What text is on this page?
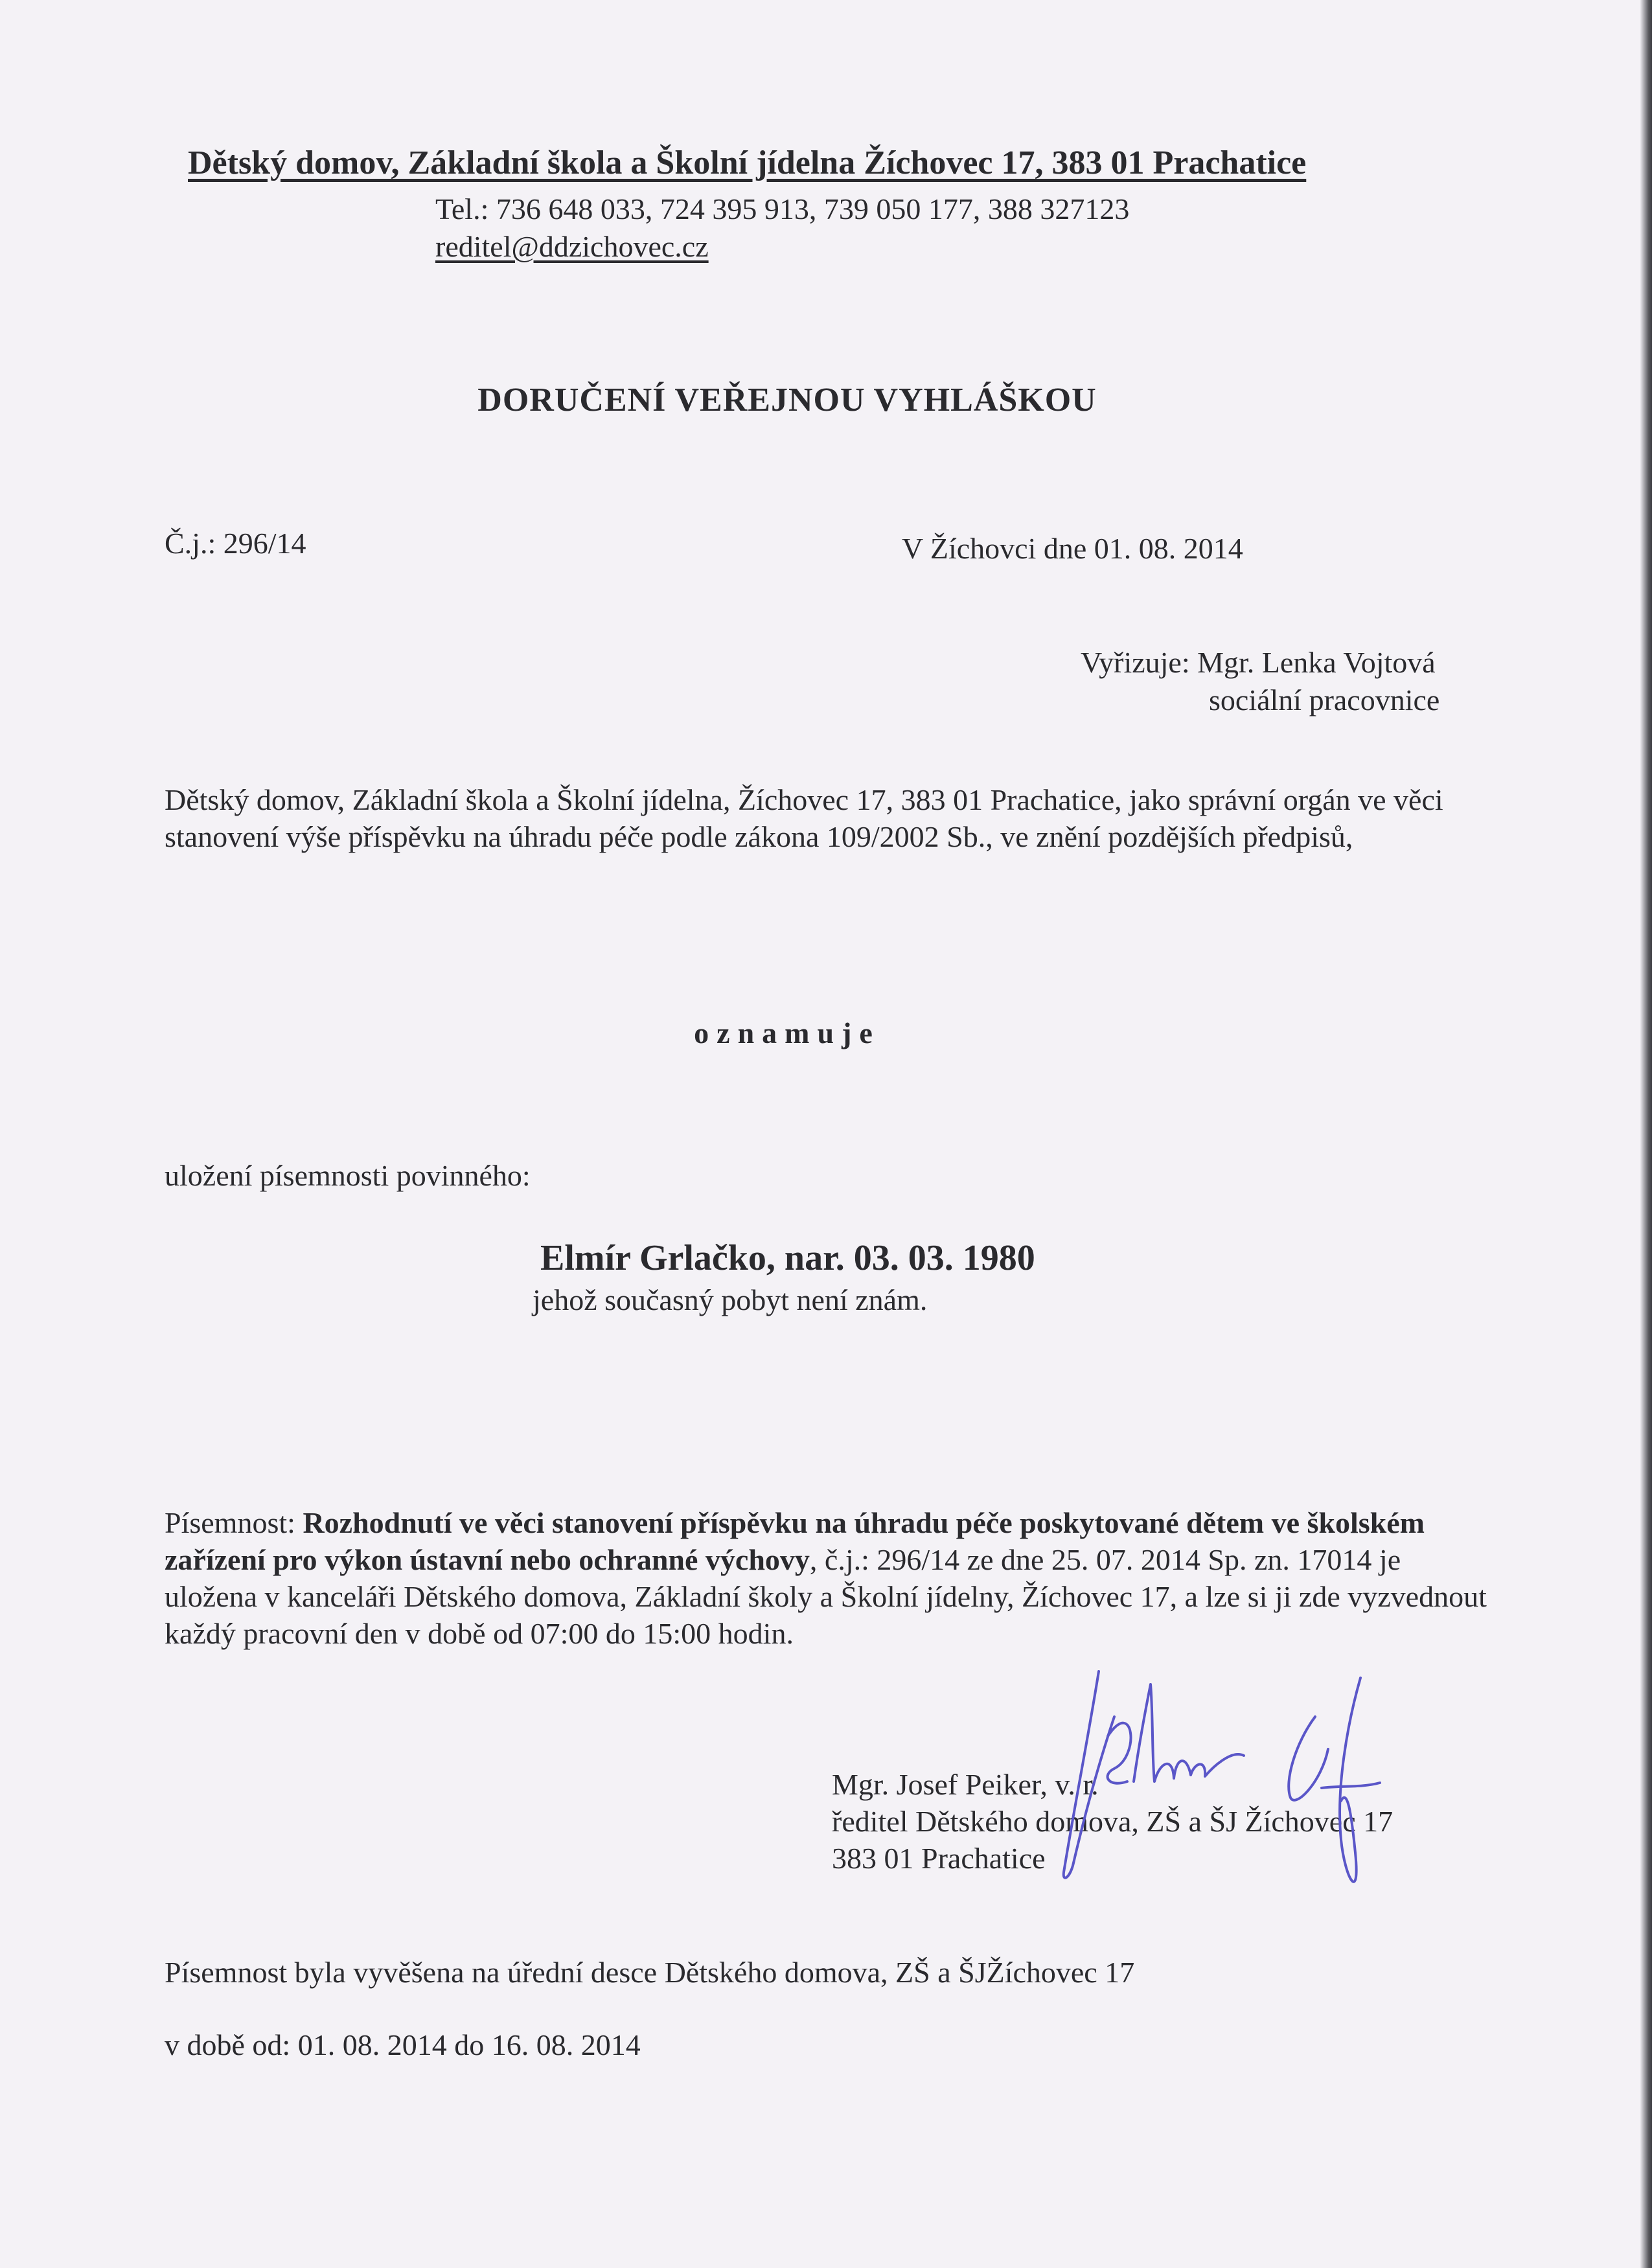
Dětský domov, Základní škola a Školní jídelna Žíchovec 17, 383 01 Prachatice
Tel.: 736 648 033, 724 395 913, 739 050 177, 388 327123
reditel@ddzichovec.cz
DORUČENÍ VEŘEJNOU VYHLÁŠKOU
Č.j.: 296/14	V Žíchovci dne 01. 08. 2014
Vyřizuje: Mgr. Lenka Vojtová
sociální pracovnice
Dětský domov, Základní škola a Školní jídelna, Žíchovec 17, 383 01 Prachatice, jako správní orgán ve věci stanovení výše příspěvku na úhradu péče podle zákona 109/2002 Sb., ve znění pozdějších předpisů,
oznamuje
uložení písemnosti povinného:
Elmír Grlačko, nar. 03. 03. 1980
jehož současný pobyt není znám.
Písemnost: Rozhodnutí ve věci stanovení příspěvku na úhradu péče poskytované dětem ve školském zařízení pro výkon ústavní nebo ochranné výchovy, č.j.: 296/14 ze dne 25. 07. 2014 Sp. zn. 17014 je uložena v kanceláři Dětského domova, Základní školy a Školní jídelny, Žíchovec 17, a lze si ji zde vyzvednout každý pracovní den v době od 07:00 do 15:00 hodin.
Mgr. Josef Peiker, v. r.
ředitel Dětského domova, ZŠ a ŠJ Žíchovec 17
383 01 Prachatice
Písemnost byla vyvěšena na úřední desce Dětského domova, ZŠ a ŠJŽíchovec 17
v době od: 01. 08. 2014 do 16. 08. 2014
